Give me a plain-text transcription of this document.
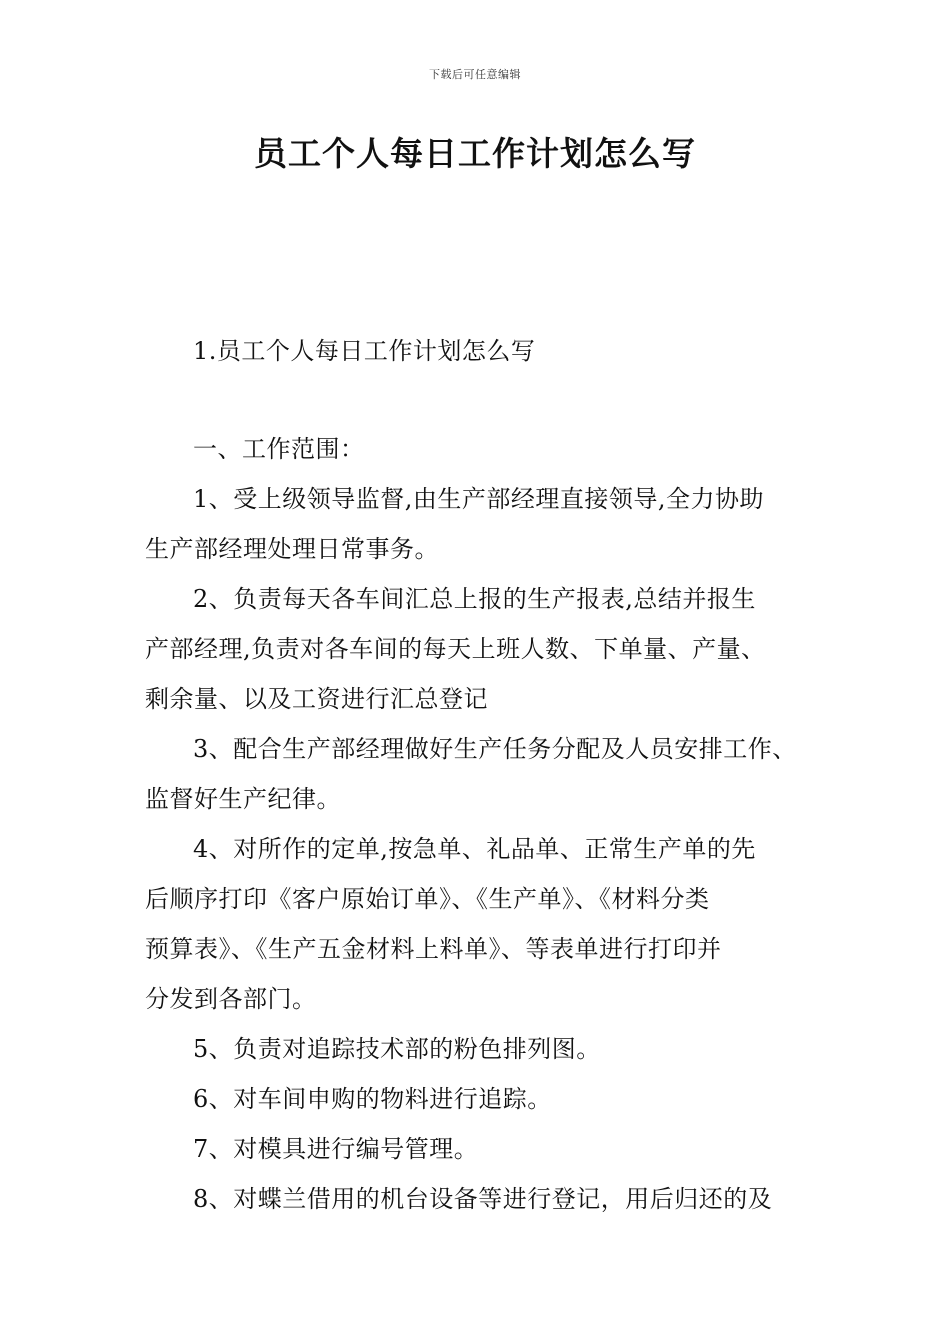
下载后可任意编辑
员工个人每日工作计划怎么写
1.员工个人每日工作计划怎么写
一、工作范围：
1、受上级领导监督,由生产部经理直接领导,全力协助
生产部经理处理日常事务。
2、负责每天各车间汇总上报的生产报表,总结并报生
产部经理,负责对各车间的每天上班人数、下单量、产量、
剩余量、以及工资进行汇总登记
3、配合生产部经理做好生产任务分配及人员安排工作、
监督好生产纪律。
4、对所作的定单,按急单、礼品单、正常生产单的先
后顺序打印《客户原始订单》、《生产单》、《材料分类
预算表》、《生产五金材料上料单》、等表单进行打印并
分发到各部门。
5、负责对追踪技术部的粉色排列图。
6、对车间申购的物料进行追踪。
7、对模具进行编号管理。
8、对蝶兰借用的机台设备等进行登记，用后归还的及
